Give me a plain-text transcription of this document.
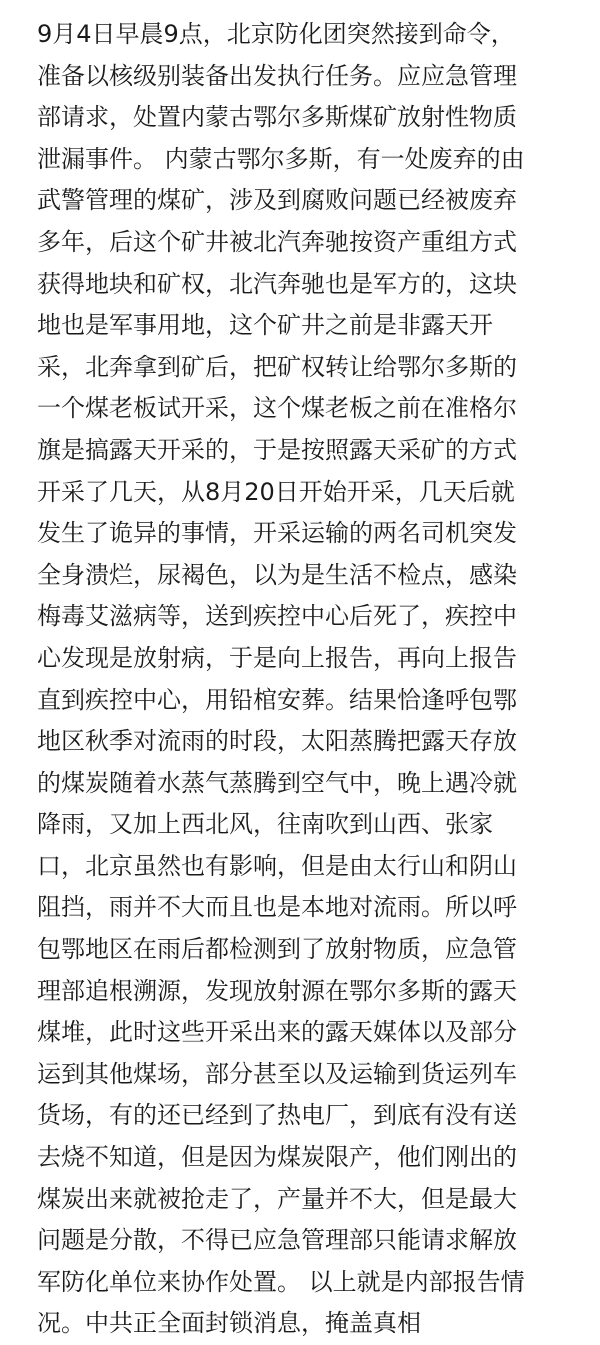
9月4日早晨9点，北京防化团突然接到命令，
准备以核级别装备出发执行任务。应应急管理
部请求，处置内蒙古鄂尔多斯煤矿放射性物质
泄漏事件。 内蒙古鄂尔多斯，有一处废弃的由
武警管理的煤矿，涉及到腐败问题已经被废弃
多年，后这个矿井被北汽奔驰按资产重组方式
获得地块和矿权，北汽奔驰也是军方的，这块
地也是军事用地，这个矿井之前是非露天开
采，北奔拿到矿后，把矿权转让给鄂尔多斯的
一个煤老板试开采，这个煤老板之前在准格尔
旗是搞露天开采的，于是按照露天采矿的方式
开采了几天，从8月20日开始开采，几天后就
发生了诡异的事情，开采运输的两名司机突发
全身溃烂，尿褐色，以为是生活不检点，感染
梅毒艾滋病等，送到疾控中心后死了，疾控中
心发现是放射病，于是向上报告，再向上报告
直到疾控中心，用铅棺安葬。结果恰逢呼包鄂
地区秋季对流雨的时段，太阳蒸腾把露天存放
的煤炭随着水蒸气蒸腾到空气中，晚上遇冷就
降雨，又加上西北风，往南吹到山西、张家
口，北京虽然也有影响，但是由太行山和阴山
阻挡，雨并不大而且也是本地对流雨。所以呼
包鄂地区在雨后都检测到了放射物质，应急管
理部追根溯源，发现放射源在鄂尔多斯的露天
煤堆，此时这些开采出来的露天媒体以及部分
运到其他煤场，部分甚至以及运输到货运列车
货场，有的还已经到了热电厂，到底有没有送
去烧不知道，但是因为煤炭限产，他们刚出的
煤炭出来就被抢走了，产量并不大，但是最大
问题是分散，不得已应急管理部只能请求解放
军防化单位来协作处置。 以上就是内部报告情
况。中共正全面封锁消息，掩盖真相
